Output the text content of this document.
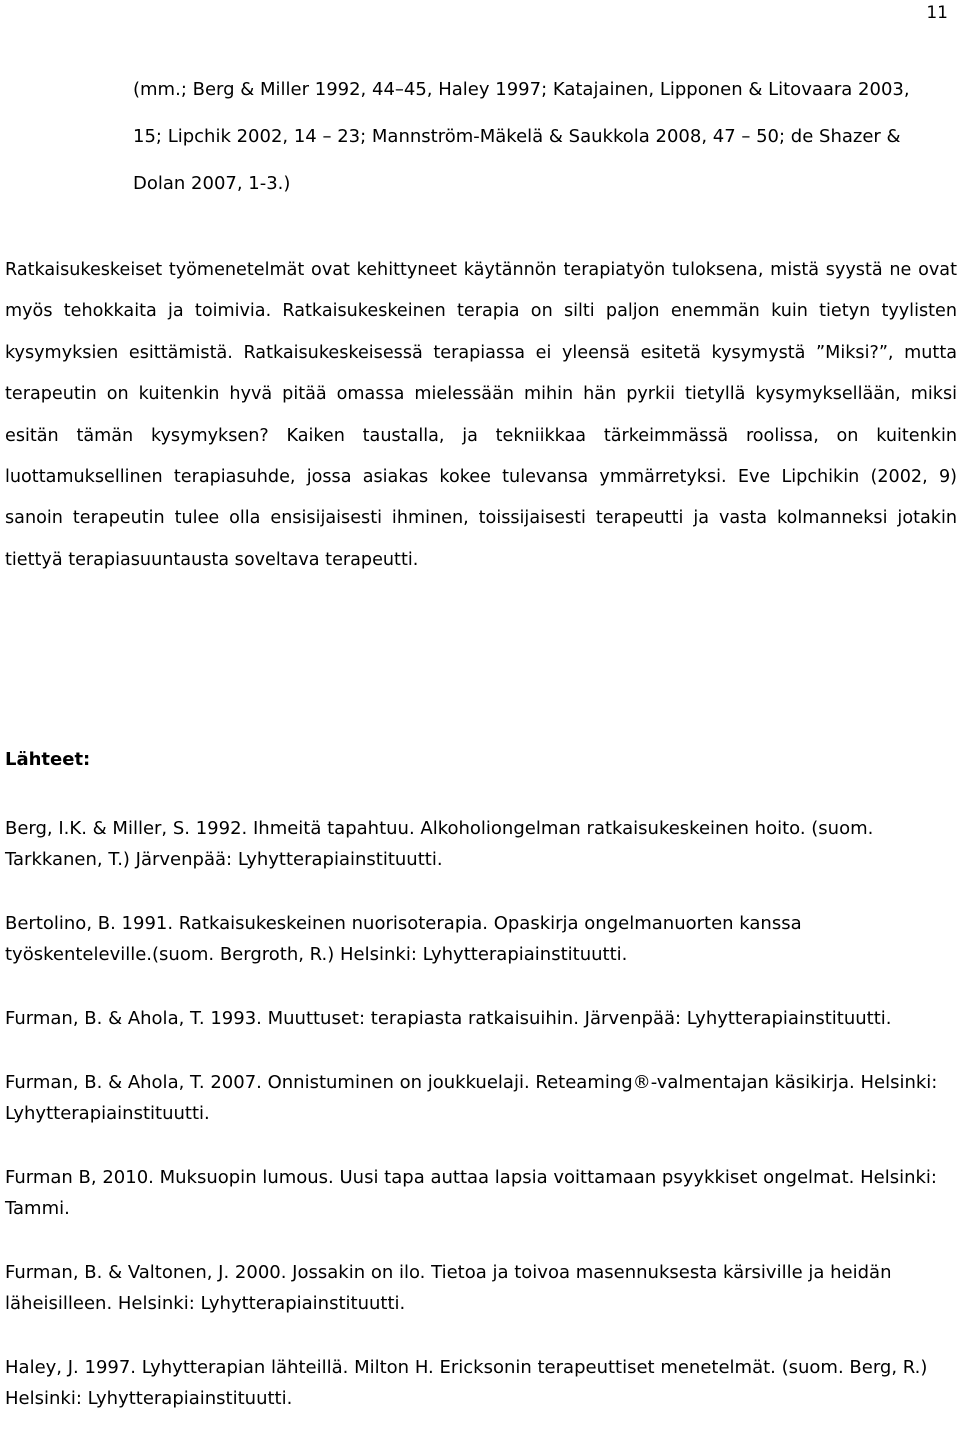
11

(mm.; Berg & Miller 1992, 44–45, Haley 1997; Katajainen, Lipponen & Litovaara 2003, 15; Lipchik 2002, 14 – 23; Mannström-Mäkelä & Saukkola 2008, 47 – 50; de Shazer & Dolan 2007, 1-3.)

Ratkaisukeskeiset työmenetelmät ovat kehittyneet käytännön terapiatyön tuloksena, mistä syystä ne ovat myös tehokkaita ja toimivia. Ratkaisukeskeinen terapia on silti paljon enemmän kuin tietyn tyylisten kysymyksien esittämistä. Ratkaisukeskeisessä terapiassa ei yleensä esitetä kysymystä ”Miksi?”, mutta terapeutin on kuitenkin hyvä pitää omassa mielessään mihin hän pyrkii tietyllä kysymyksellään, miksi esitän tämän kysymyksen? Kaiken taustalla, ja tekniikkaa tärkeimmässä roolissa, on kuitenkin luottamuksellinen terapiasuhde, jossa asiakas kokee tulevansa ymmärretyksi. Eve Lipchikin (2002, 9) sanoin terapeutin tulee olla ensisijaisesti ihminen, toissijaisesti terapeutti ja vasta kolmanneksi jotakin tiettyä terapiasuuntausta soveltava terapeutti.

Lähteet:
Berg, I.K. & Miller, S. 1992. Ihmeitä tapahtuu. Alkoholiongelman ratkaisukeskeinen hoito. (suom. Tarkkanen, T.) Järvenpää: Lyhytterapiainstituutti.
Bertolino, B. 1991. Ratkaisukeskeinen nuorisoterapia. Opaskirja ongelmanuorten kanssa työskenteleville.(suom. Bergroth, R.) Helsinki: Lyhytterapiainstituutti.
Furman, B. & Ahola, T. 1993. Muuttuset: terapiasta ratkaisuihin. Järvenpää: Lyhytterapiainstituutti.
Furman, B. & Ahola, T. 2007. Onnistuminen on joukkuelaji. Reteaming®-valmentajan käsikirja. Helsinki: Lyhytterapiainstituutti.
Furman B, 2010. Muksuopin lumous. Uusi tapa auttaa lapsia voittamaan psyykkiset ongelmat. Helsinki: Tammi.
Furman, B. & Valtonen, J. 2000. Jossakin on ilo. Tietoa ja toivoa masennuksesta kärsiville ja heidän läheisilleen. Helsinki: Lyhytterapiainstituutti.
Haley, J. 1997. Lyhytterapian lähteillä. Milton H. Ericksonin terapeuttiset menetelmät. (suom. Berg, R.) Helsinki: Lyhytterapiainstituutti.
